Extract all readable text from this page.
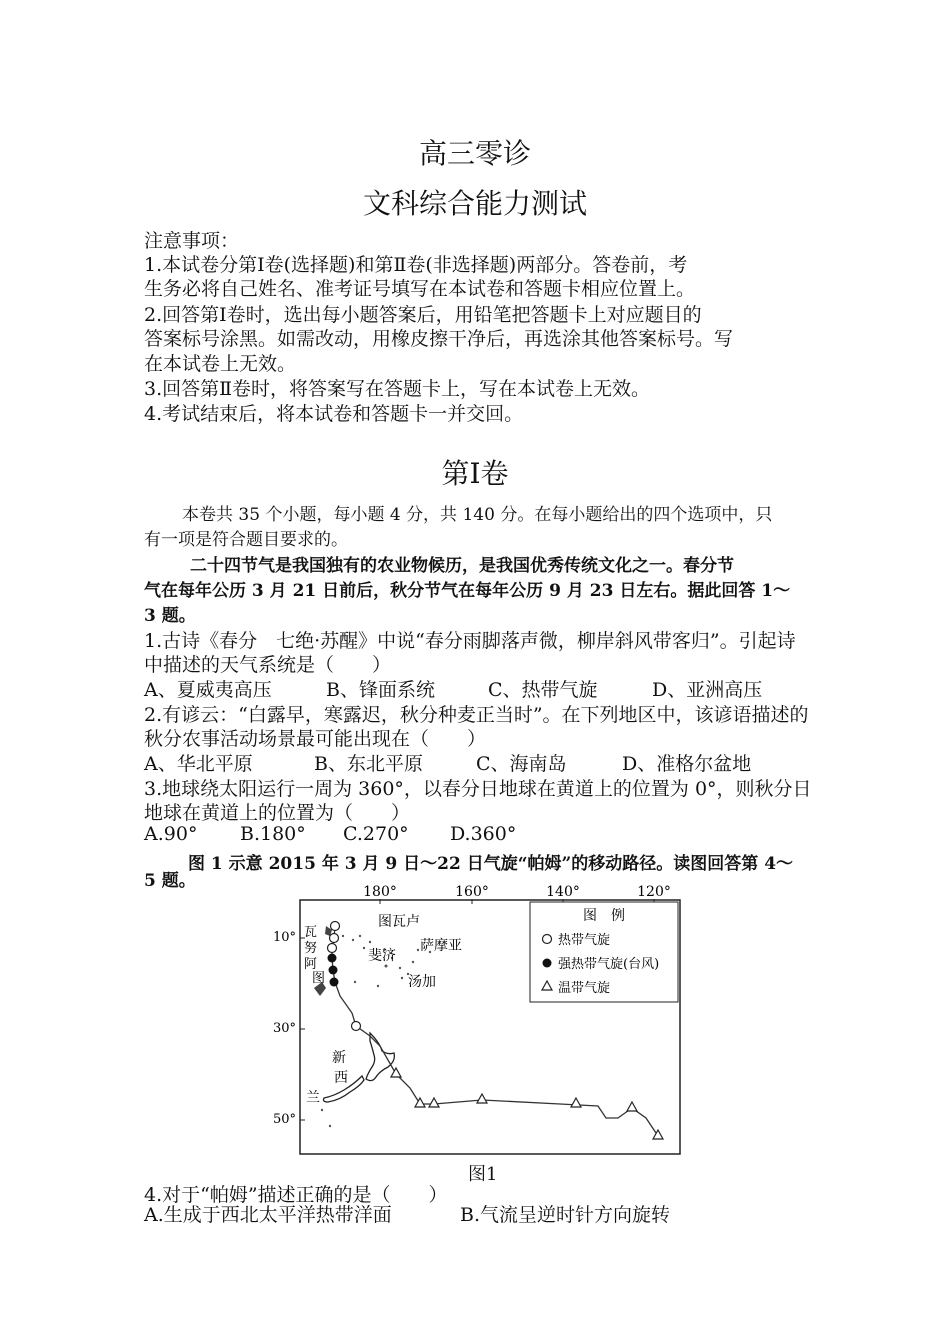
高三零诊
文科综合能力测试
注意事项：
1.本试卷分第Ⅰ卷(选择题)和第Ⅱ卷(非选择题)两部分。答卷前，考
生务必将自己姓名、准考证号填写在本试卷和答题卡相应位置上。
2.回答第Ⅰ卷时，选出每小题答案后，用铅笔把答题卡上对应题目的
答案标号涂黑。如需改动，用橡皮擦干净后，再选涂其他答案标号。写
在本试卷上无效。
3.回答第Ⅱ卷时，将答案写在答题卡上，写在本试卷上无效。
4.考试结束后，将本试卷和答题卡一并交回。
第Ⅰ卷
本卷共 35 个小题，每小题 4 分，共 140 分。在每小题给出的四个选项中，只
有一项是符合题目要求的。
二十四节气是我国独有的农业物候历，是我国优秀传统文化之一。春分节
气在每年公历 3 月 21 日前后，秋分节气在每年公历 9 月 23 日左右。据此回答 1～
3 题。
1.古诗《春分　七绝·苏醒》中说“春分雨脚落声微，柳岸斜风带客归”。引起诗
中描述的天气系统是（　　）
A、夏威夷高压	B、锋面系统	C、热带气旋	D、亚洲高压
2.有谚云：“白露早，寒露迟，秋分种麦正当时”。在下列地区中，该谚语描述的
秋分农事活动场景最可能出现在（　　）
A、华北平原	B、东北平原	C、海南岛	D、准格尔盆地
3.地球绕太阳运行一周为 360°，以春分日地球在黄道上的位置为 0°，则秋分日
地球在黄道上的位置为（　　）
A.90° B.180° C.270° D.360°
图 1 示意 2015 年 3 月 9 日～22 日气旋“帕姆”的移动路径。读图回答第 4～
5 题。
180°	160°	140°	120°
10°
30°
50°
图瓦卢
萨摩亚
斐济
汤加
瓦
努
阿
图
新
西
兰
图　例
热带气旋
强热带气旋(台风)
温带气旋
图1
4.对于“帕姆”描述正确的是（　　）
A.生成于西北太平洋热带洋面	B.气流呈逆时针方向旋转
